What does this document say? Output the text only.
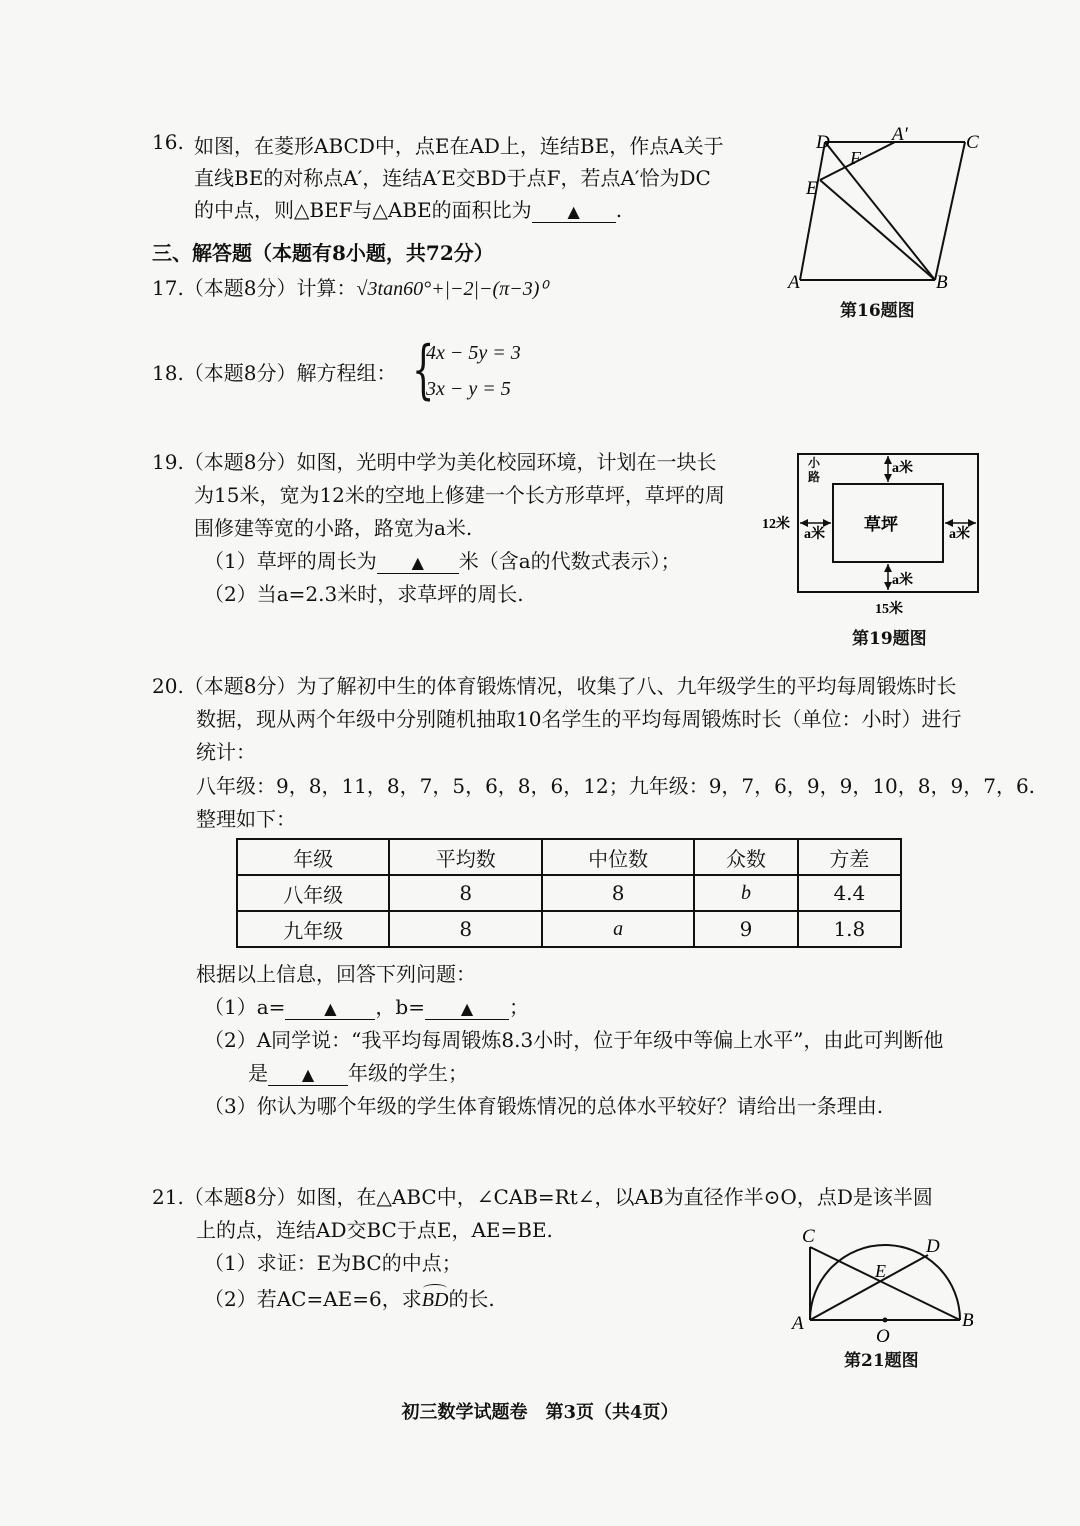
16. 如图，在菱形ABCD中，点E在AD上，连结BE，作点A关于
直线BE的对称点A′，连结A′E交BD于点F，若点A′恰为DC
的中点，则△BEF与△ABE的面积比为 ▲ .
D	A′	C
F
E
A	B
第16题图
三、解答题（本题有8小题，共72分）
17.（本题8分）计算：√3tan60°+|−2|−(π−3)⁰
18.（本题8分）解方程组： {
4x − 5y = 3
3x − y = 5
19.（本题8分）如图，光明中学为美化校园环境，计划在一块长
为15米，宽为12米的空地上修建一个长方形草坪，草坪的周
围修建等宽的小路，路宽为a米.
（1）草坪的周长为 ▲ 米（含a的代数式表示）；
（2）当a=2.3米时，求草坪的周长.
a米
a米
a米	a米
草坪
12米
15米
小路
第19题图
20.（本题8分）为了解初中生的体育锻炼情况，收集了八、九年级学生的平均每周锻炼时长
数据，现从两个年级中分别随机抽取10名学生的平均每周锻炼时长（单位：小时）进行
统计：
八年级：9，8，11，8，7，5，6，8，6，12；九年级：9，7，6，9，9，10，8，9，7，6.
整理如下：
年级	平均数	中位数	众数	方差
八年级	8	8	b	4.4
九年级	8	a	9	1.8
根据以上信息，回答下列问题：
（1）a= ▲ ，b= ▲ ；
（2）A同学说：“我平均每周锻炼8.3小时，位于年级中等偏上水平”，由此可判断他
是 ▲ 年级的学生；
（3）你认为哪个年级的学生体育锻炼情况的总体水平较好？请给出一条理由.
21.（本题8分）如图，在△ABC中，∠CAB=Rt∠，以AB为直径作半⊙O，点D是该半圆
上的点，连结AD交BC于点E，AE=BE.
（1）求证：E为BC的中点；
（2）若AC=AE=6，求
BD的长.
C	D
E
A
O
B
第21题图
初三数学试题卷　第3页（共4页）
